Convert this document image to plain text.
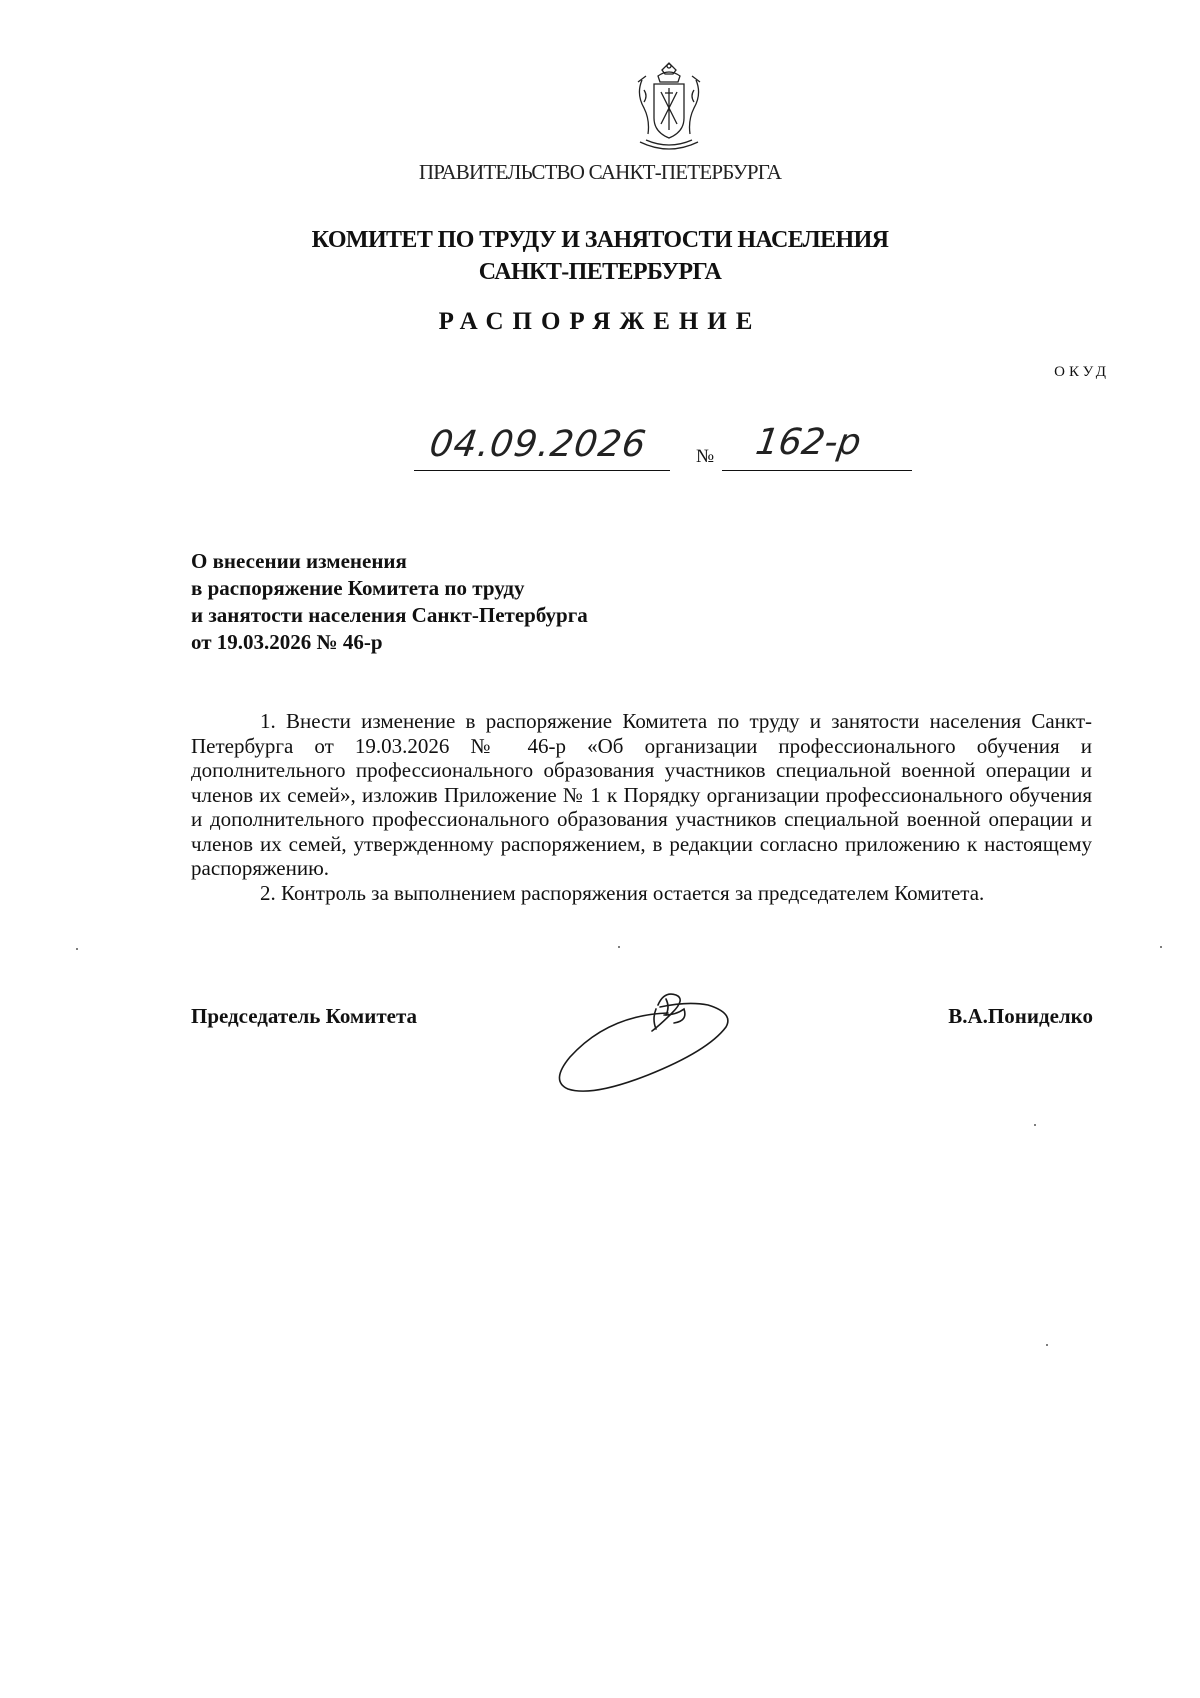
ПРАВИТЕЛЬСТВО САНКТ-ПЕТЕРБУРГА
КОМИТЕТ ПО ТРУДУ И ЗАНЯТОСТИ НАСЕЛЕНИЯ
САНКТ-ПЕТЕРБУРГА
РАСПОРЯЖЕНИЕ
ОКУД
04.09.2026 № 162-р
О внесении изменения
в распоряжение Комитета по труду
и занятости населения Санкт-Петербурга
от 19.03.2026 № 46-р

1. Внести изменение в распоряжение Комитета по труду и занятости населения Санкт-Петербурга от 19.03.2026 № 46-р «Об организации профессионального обучения и дополнительного профессионального образования участников специальной военной операции и членов их семей», изложив Приложение № 1 к Порядку организации профессионального обучения и дополнительного профессионального образования участников специальной военной операции и членов их семей, утвержденному распоряжением, в редакции согласно приложению к настоящему распоряжению.

2. Контроль за выполнением распоряжения остается за председателем Комитета.

Председатель Комитета	В.А.Пониделко
